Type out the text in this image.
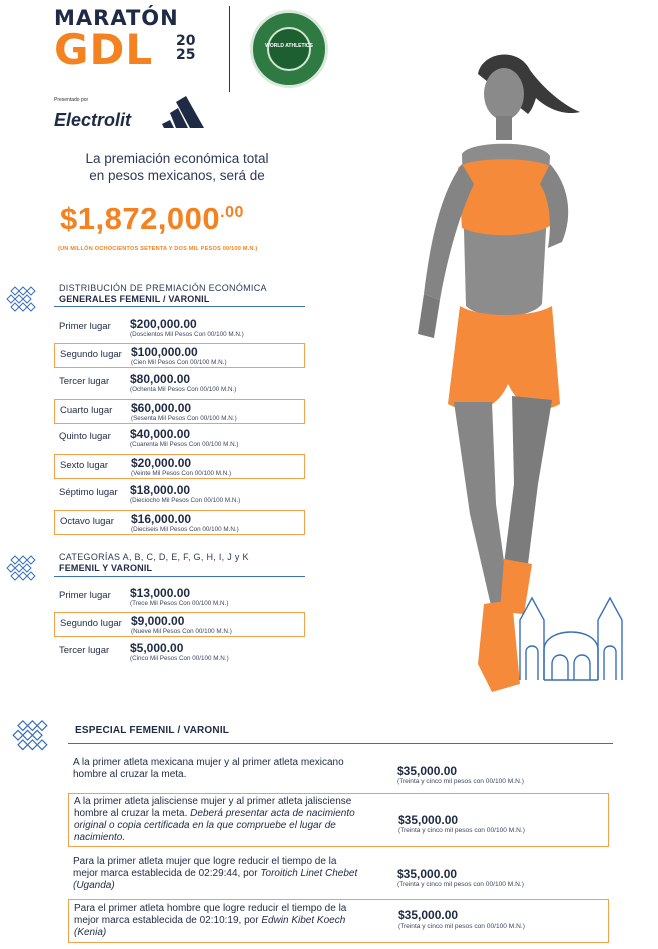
MARATÓN
GDL 20
25
WORLD ATHLETICS
Presentado por
Electrolit
La premiación económica total
en pesos mexicanos, será de
$\$1,872,000^{.00}$
(UN MILLÓN OCHOCIENTOS SETENTA Y DOS MIL PESOS 00/100 M.N.)
DISTRIBUCIÓN DE PREMIACIÓN ECONÓMICA
GENERALES FEMENIL / VARONIL
Primer lugar $200,000.00
(Doscientos Mil Pesos Con 00/100 M.N.)
Segundo lugar $100,000.00
(Cien Mil Pesos Con 00/100 M.N.)
Tercer lugar $80,000.00
(Ochenta Mil Pesos Con 00/100 M.N.)
Cuarto lugar $60,000.00
(Sesenta Mil Pesos Con 00/100 M.N.)
Quinto lugar $40,000.00
(Cuarenta Mil Pesos Con 00/100 M.N.)
Sexto lugar $20,000.00
(Veinte Mil Pesos Con 00/100 M.N.)
Séptimo lugar $18,000.00
(Dieciocho Mil Pesos Con 00/100 M.N.)
Octavo lugar $16,000.00
(Dieciseis Mil Pesos Con 00/100 M.N.)
CATEGORÍAS A, B, C, D, E, F, G, H, I, J y K
FEMENIL Y VARONIL
Primer lugar $13,000.00
(Trece Mil Pesos Con 00/100 M.N.)
Segundo lugar $9,000.00
(Nueve Mil Pesos Con 00/100 M.N.)
Tercer lugar $5,000.00
(Cinco Mil Pesos Con 00/100 M.N.)
ESPECIAL FEMENIL / VARONIL
A la primer atleta mexicana mujer y al primer atleta mexicano hombre al cruzar la meta.	$35,000.00
(Treinta y cinco mil pesos con 00/100 M.N.)
A la primer atleta jalisciense mujer y al primer atleta jalisciense hombre al cruzar la meta. Deberá presentar acta de nacimiento original o copia certificada en la que compruebe el lugar de nacimiento.
$35,000.00
(Treinta y cinco mil pesos con 00/100 M.N.)
Para la primer atleta mujer que logre reducir el tiempo de la mejor marca establecida de 02:29:44, por Toroitich Linet Chebet (Uganda)
$35,000.00
(Treinta y cinco mil pesos con 00/100 M.N.)
Para el primer atleta hombre que logre reducir el tiempo de la mejor marca establecida de 02:10:19, por Edwin Kibet Koech (Kenia)
$35,000.00
(Treinta y cinco mil pesos con 00/100 M.N.)
